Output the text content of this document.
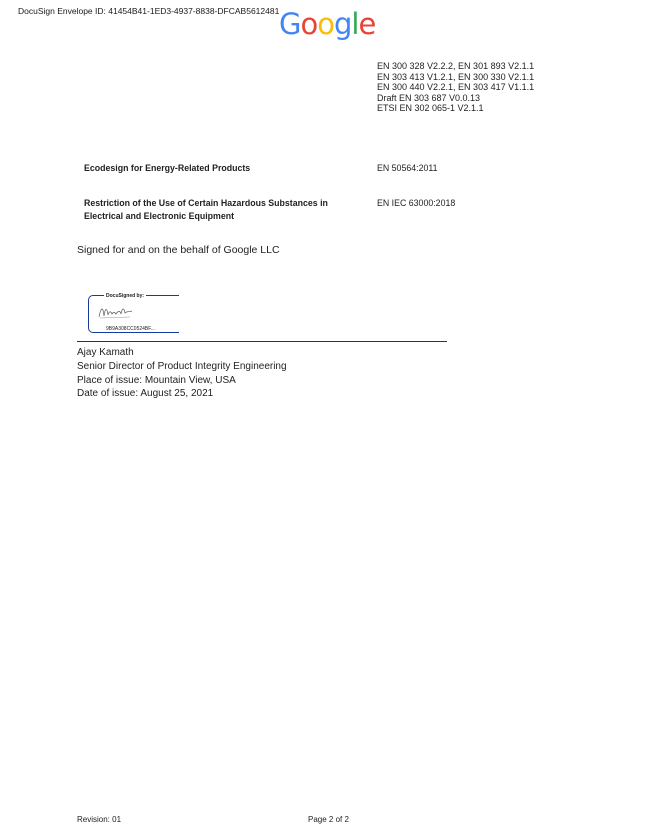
DocuSign Envelope ID: 41454B41-1ED3-4937-8838-DFCAB5612481 Google
EN 300 328 V2.2.2, EN 301 893 V2.1.1
EN 303 413 V1.2.1, EN 300 330 V2.1.1
EN 300 440 V2.2.1, EN 303 417 V1.1.1
Draft EN 303 687 V0.0.13
ETSI EN 302 065-1 V2.1.1
Ecodesign for Energy-Related Products	EN 50564:2011
Restriction of the Use of Certain Hazardous Substances in
Electrical and Electronic Equipment
EN IEC 63000:2018
Signed for and on the behalf of Google LLC
DocuSigned by:
9B9A308CC0524BF...
Ajay Kamath
Senior Director of Product Integrity Engineering
Place of issue: Mountain View, USA
Date of issue: August 25, 2021
Revision: 01	Page 2 of 2
